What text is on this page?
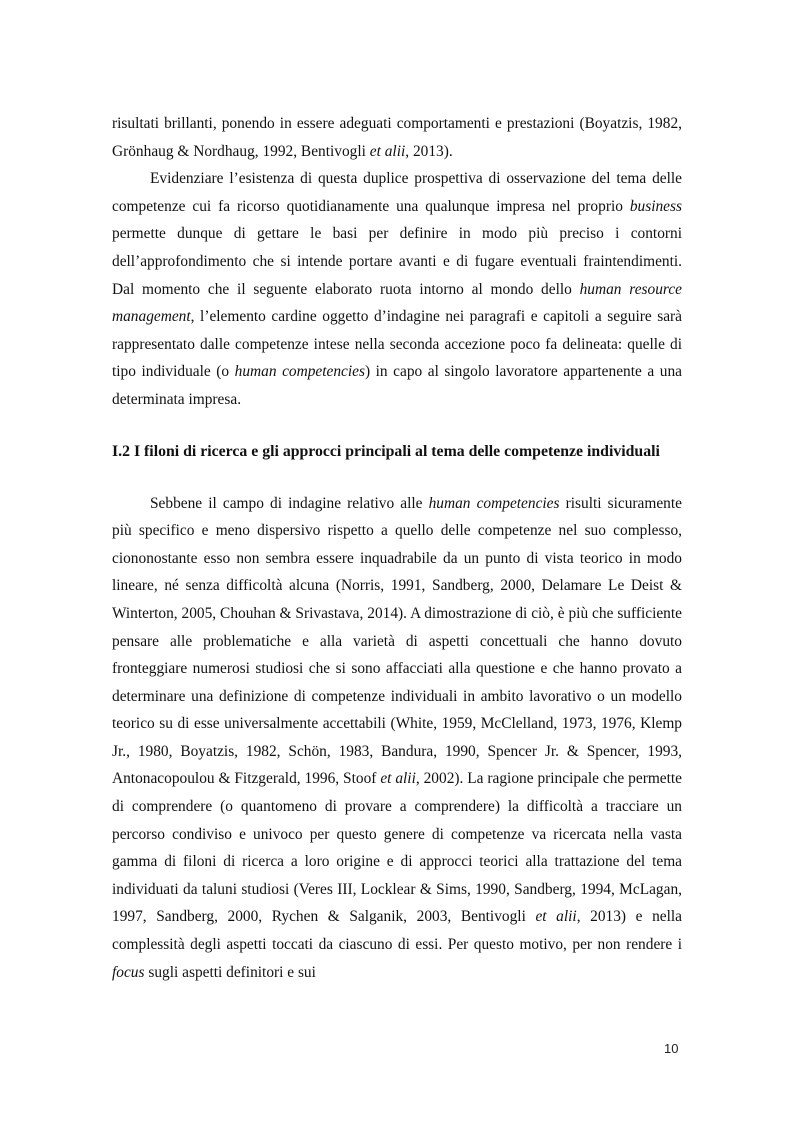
risultati brillanti, ponendo in essere adeguati comportamenti e prestazioni (Boyatzis, 1982, Grönhaug & Nordhaug, 1992, Bentivogli et alii, 2013).

Evidenziare l’esistenza di questa duplice prospettiva di osservazione del tema delle competenze cui fa ricorso quotidianamente una qualunque impresa nel proprio business permette dunque di gettare le basi per definire in modo più preciso i contorni dell’approfondimento che si intende portare avanti e di fugare eventuali fraintendimenti. Dal momento che il seguente elaborato ruota intorno al mondo dello human resource management, l’elemento cardine oggetto d’indagine nei paragrafi e capitoli a seguire sarà rappresentato dalle competenze intese nella seconda accezione poco fa delineata: quelle di tipo individuale (o human competencies) in capo al singolo lavoratore appartenente a una determinata impresa.

I.2 I filoni di ricerca e gli approcci principali al tema delle competenze individuali

Sebbene il campo di indagine relativo alle human competencies risulti sicuramente più specifico e meno dispersivo rispetto a quello delle competenze nel suo complesso, ciononostante esso non sembra essere inquadrabile da un punto di vista teorico in modo lineare, né senza difficoltà alcuna (Norris, 1991, Sandberg, 2000, Delamare Le Deist & Winterton, 2005, Chouhan & Srivastava, 2014). A dimostrazione di ciò, è più che sufficiente pensare alle problematiche e alla varietà di aspetti concettuali che hanno dovuto fronteggiare numerosi studiosi che si sono affacciati alla questione e che hanno provato a determinare una definizione di competenze individuali in ambito lavorativo o un modello teorico su di esse universalmente accettabili (White, 1959, McClelland, 1973, 1976, Klemp Jr., 1980, Boyatzis, 1982, Schön, 1983, Bandura, 1990, Spencer Jr. & Spencer, 1993, Antonacopoulou & Fitzgerald, 1996, Stoof et alii, 2002). La ragione principale che permette di comprendere (o quantomeno di provare a comprendere) la difficoltà a tracciare un percorso condiviso e univoco per questo genere di competenze va ricercata nella vasta gamma di filoni di ricerca a loro origine e di approcci teorici alla trattazione del tema individuati da taluni studiosi (Veres III, Locklear & Sims, 1990, Sandberg, 1994, McLagan, 1997, Sandberg, 2000, Rychen & Salganik, 2003, Bentivogli et alii, 2013) e nella complessità degli aspetti toccati da ciascuno di essi. Per questo motivo, per non rendere i focus sugli aspetti definitori e sui

10
